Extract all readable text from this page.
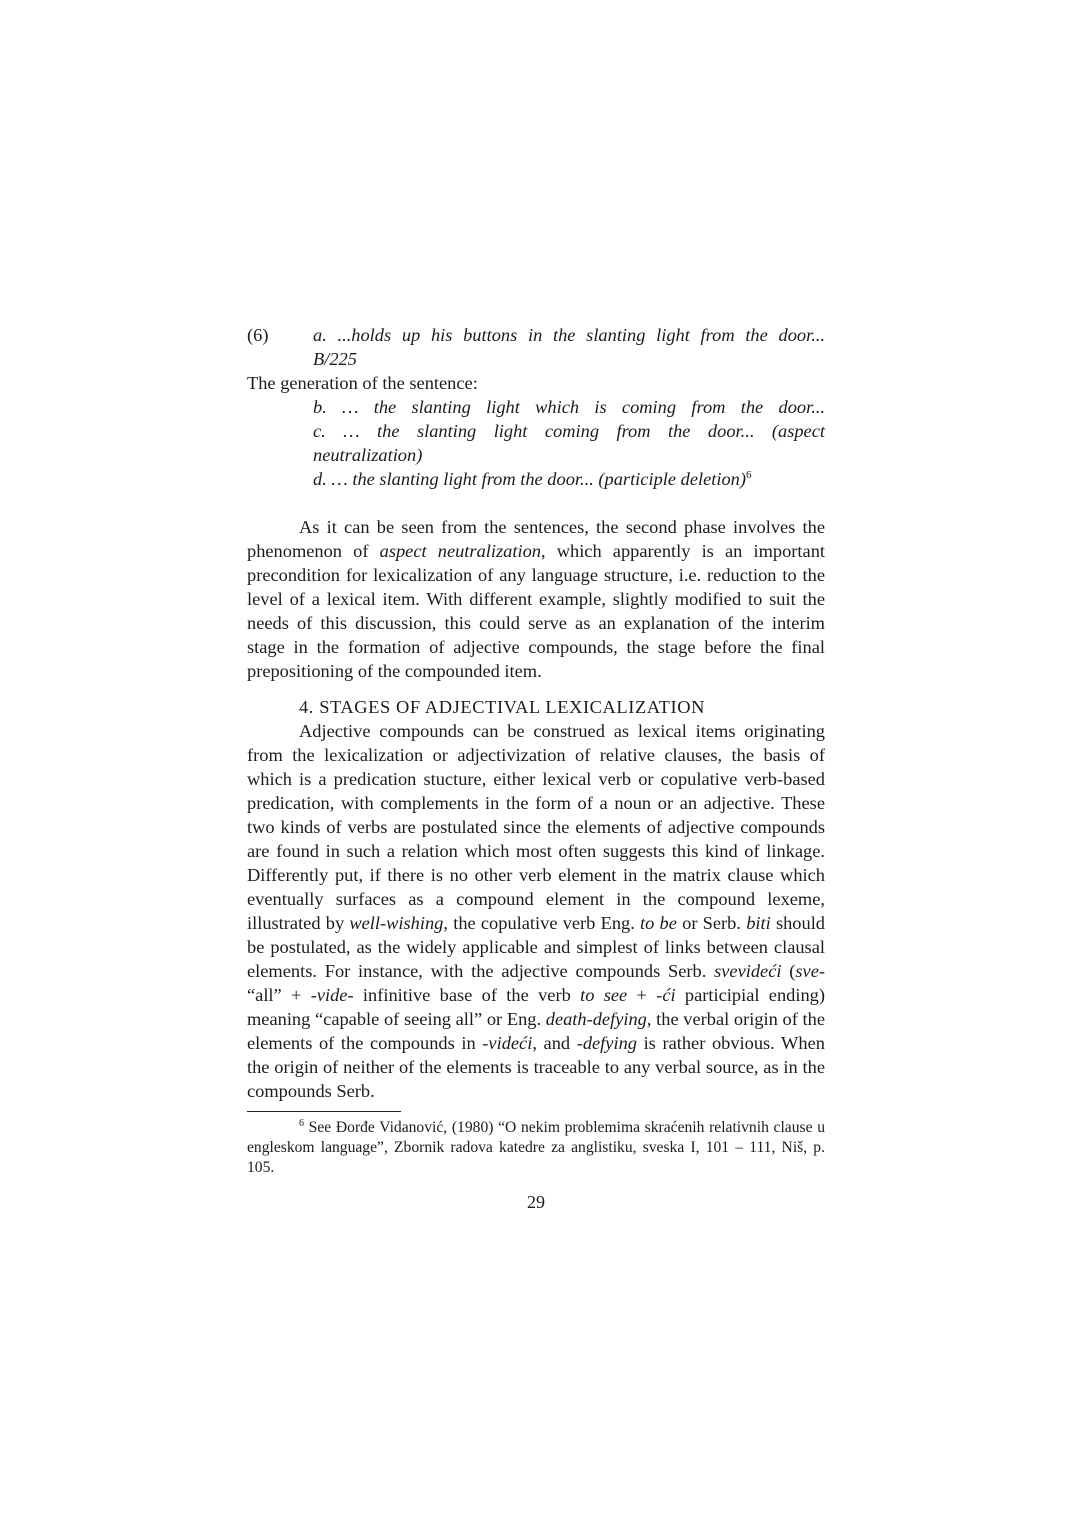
(6)	a. ...holds up his buttons in the slanting light from the door...
B/225
The generation of the sentence:
b. … the slanting light which is coming from the door...
c. … the slanting light coming from the door... (aspect
neutralization)
d. … the slanting light from the door... (participle deletion)$^6$

As it can be seen from the sentences, the second phase involves the phenomenon of aspect neutralization, which apparently is an important precondition for lexicalization of any language structure, i.e. reduction to the level of a lexical item. With different example, slightly modified to suit the needs of this discussion, this could serve as an explanation of the interim stage in the formation of adjective compounds, the stage before the final prepositioning of the compounded item.

4. STAGES OF ADJECTIVAL LEXICALIZATION

Adjective compounds can be construed as lexical items originating from the lexicalization or adjectivization of relative clauses, the basis of which is a predication stucture, either lexical verb or copulative verb-based predication, with complements in the form of a noun or an adjective. These two kinds of verbs are postulated since the elements of adjective compounds are found in such a relation which most often suggests this kind of linkage. Differently put, if there is no other verb element in the matrix clause which eventually surfaces as a compound element in the compound lexeme, illustrated by well-wishing, the copulative verb Eng. to be or Serb. biti should be postulated, as the widely applicable and simplest of links between clausal elements. For instance, with the adjective compounds Serb. svevideći (sve- “all” + -vide- infinitive base of the verb to see + -ći participial ending) meaning “capable of seeing all” or Eng. death-defying, the verbal origin of the elements of the compounds in -videći, and -defying is rather obvious. When the origin of neither of the elements is traceable to any verbal source, as in the compounds Serb.

$^6$ See Đorđe Vidanović, (1980) “O nekim problemima skraćenih relativnih clause u engleskom language”, Zbornik radova katedre za anglistiku, sveska I, 101 – 111, Niš, p. 105.
29
